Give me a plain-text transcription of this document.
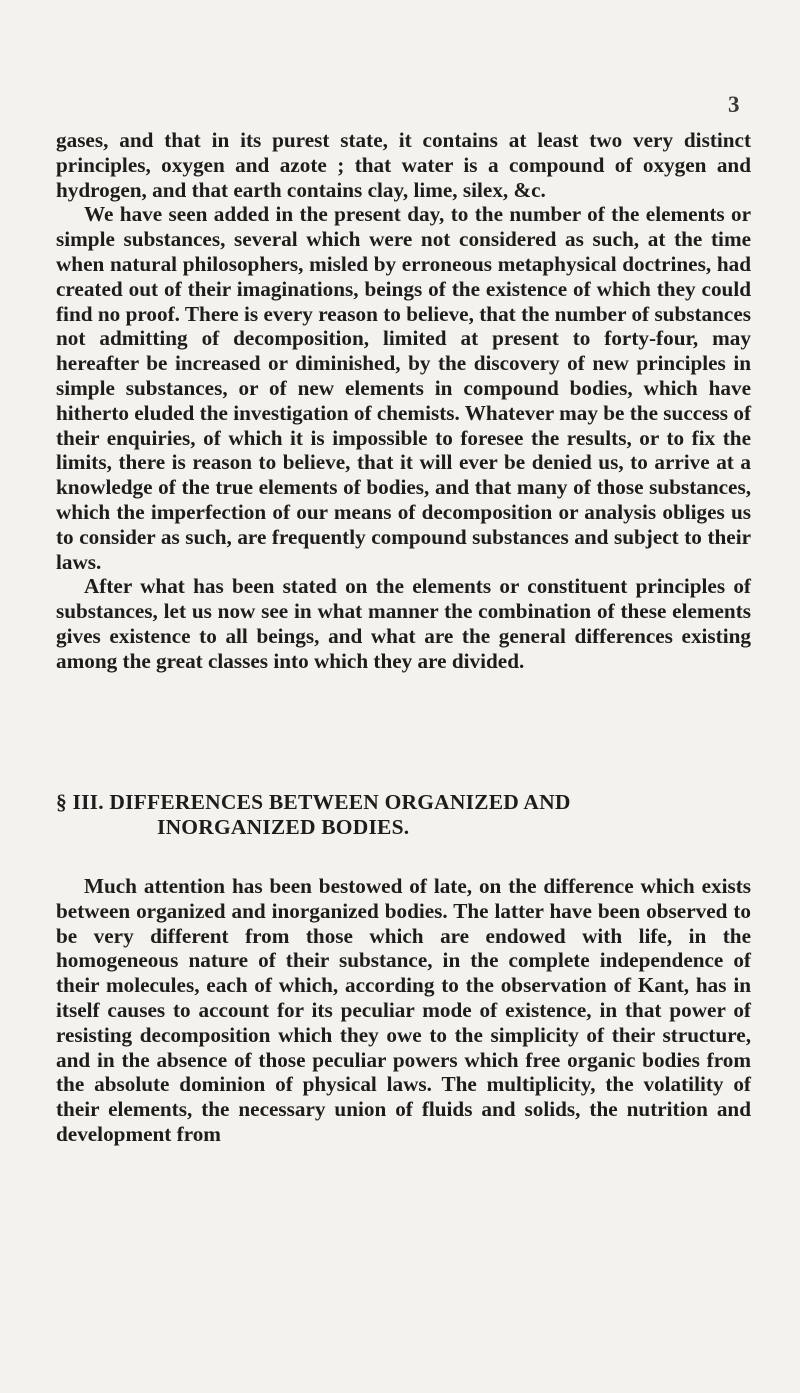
3

gases, and that in its purest state, it contains at least two very distinct principles, oxygen and azote ; that water is a compound of oxygen and hydrogen, and that earth contains clay, lime, silex, &c.

We have seen added in the present day, to the number of the elements or simple substances, several which were not considered as such, at the time when natural philosophers, misled by erroneous metaphysical doctrines, had created out of their imaginations, beings of the existence of which they could find no proof. There is every reason to believe, that the number of substances not admitting of decomposition, limited at present to forty-four, may hereafter be increased or diminished, by the discovery of new principles in simple substances, or of new elements in compound bodies, which have hitherto eluded the investigation of chemists. Whatever may be the success of their enquiries, of which it is impossible to foresee the results, or to fix the limits, there is reason to believe, that it will ever be denied us, to arrive at a knowledge of the true elements of bodies, and that many of those substances, which the imperfection of our means of decomposition or analysis obliges us to consider as such, are frequently compound substances and subject to their laws.

After what has been stated on the elements or constituent principles of substances, let us now see in what manner the combination of these elements gives existence to all beings, and what are the general differences existing among the great classes into which they are divided.

§ III. DIFFERENCES BETWEEN ORGANIZED AND
INORGANIZED BODIES.

Much attention has been bestowed of late, on the difference which exists between organized and inorganized bodies. The latter have been observed to be very different from those which are endowed with life, in the homogeneous nature of their substance, in the complete independence of their molecules, each of which, according to the observation of Kant, has in itself causes to account for its peculiar mode of existence, in that power of resisting decomposition which they owe to the simplicity of their structure, and in the absence of those peculiar powers which free organic bodies from the absolute dominion of physical laws. The multiplicity, the volatility of their elements, the necessary union of fluids and solids, the nutrition and development from
